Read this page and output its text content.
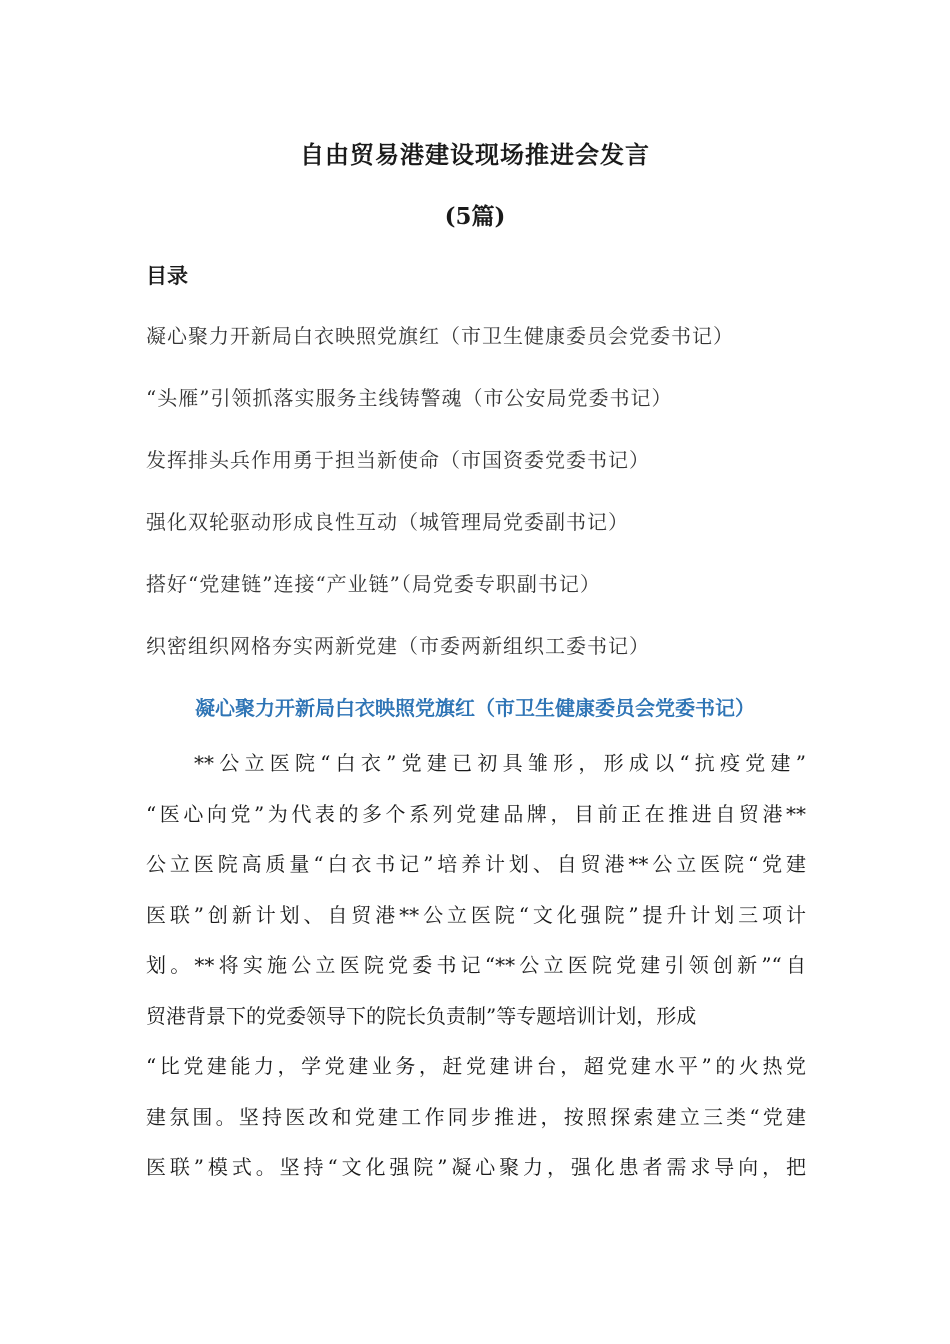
自由贸易港建设现场推进会发言
(5篇)
目录
凝心聚力开新局白衣映照党旗红（市卫生健康委员会党委书记）
“头雁”引领抓落实服务主线铸警魂（市公安局党委书记）
发挥排头兵作用勇于担当新使命（市国资委党委书记）
强化双轮驱动形成良性互动（城管理局党委副书记）
搭好“党建链”连接“产业链”（局党委专职副书记）
织密组织网格夯实两新党建（市委两新组织工委书记）
凝心聚力开新局白衣映照党旗红（市卫生健康委员会党委书记）
**公立医院“白衣”党建已初具雏形，形成以“抗疫党建”
“医心向党”为代表的多个系列党建品牌，目前正在推进自贸港**
公立医院高质量“白衣书记”培养计划、自贸港**公立医院“党建
医联”创新计划、自贸港**公立医院“文化强院”提升计划三项计
划。**将实施公立医院党委书记“**公立医院党建引领创新”“自
贸港背景下的党委领导下的院长负责制”等专题培训计划，形成
“比党建能力，学党建业务，赶党建讲台，超党建水平”的火热党
建氛围。坚持医改和党建工作同步推进，按照探索建立三类“党建
医联”模式。坚持“文化强院”凝心聚力，强化患者需求导向，把
